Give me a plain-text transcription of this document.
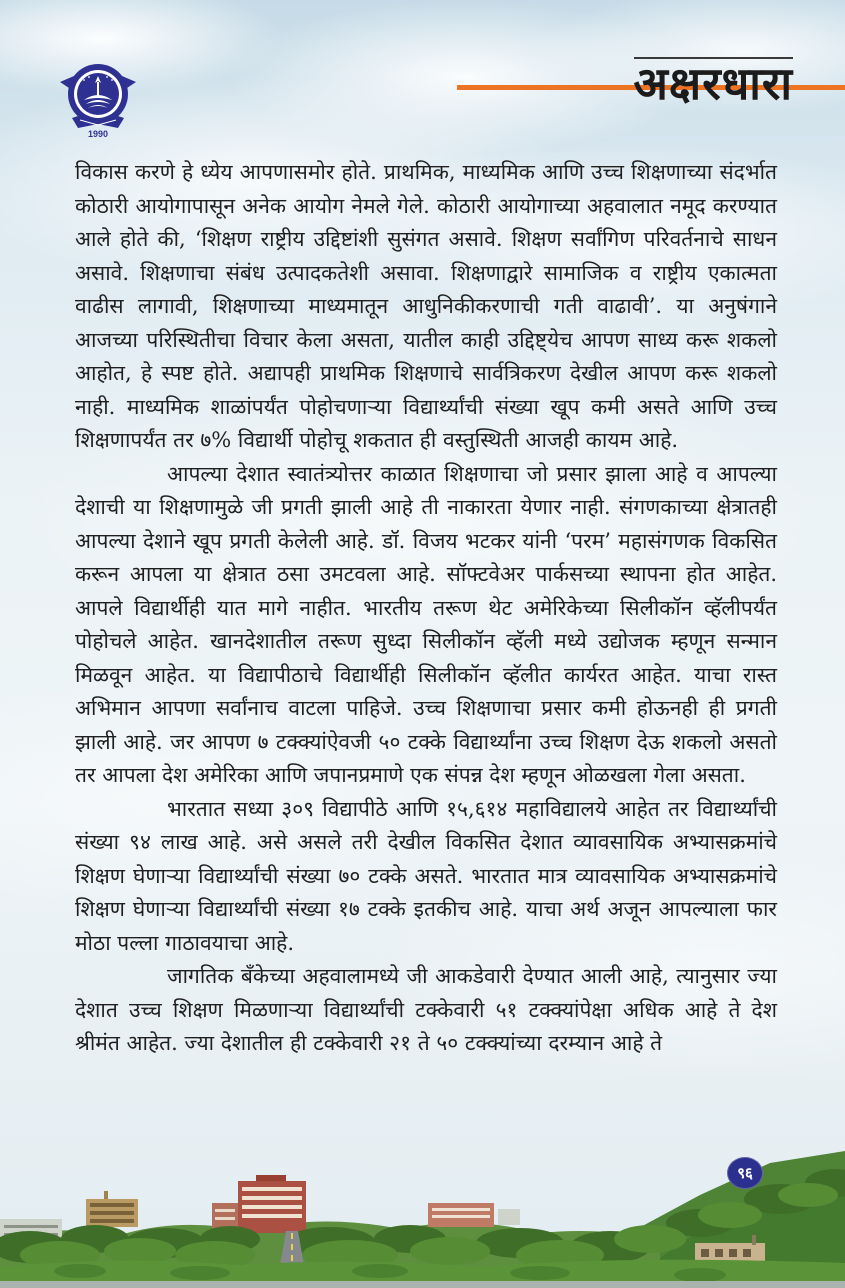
1990
अक्षरधारा

विकास करणे हे ध्येय आपणासमोर होते. प्राथमिक, माध्यमिक आणि उच्च शिक्षणाच्या संदर्भात कोठारी आयोगापासून अनेक आयोग नेमले गेले. कोठारी आयोगाच्या अहवालात नमूद करण्यात आले होते की, ‘शिक्षण राष्ट्रीय उद्दिष्टांशी सुसंगत असावे. शिक्षण सर्वांगिण परिवर्तनाचे साधन असावे. शिक्षणाचा संबंध उत्पादकतेशी असावा. शिक्षणाद्वारे सामाजिक व राष्ट्रीय एकात्मता वाढीस लागावी, शिक्षणाच्या माध्यमातून आधुनिकीकरणाची गती वाढावी’. या अनुषंगाने आजच्या परिस्थितीचा विचार केला असता, यातील काही उद्दिष्ट्येच आपण साध्य करू शकलो आहोत, हे स्पष्ट होते. अद्यापही प्राथमिक शिक्षणाचे सार्वत्रिकरण देखील आपण करू शकलो नाही. माध्यमिक शाळांपर्यंत पोहोचणाऱ्या विद्यार्थ्यांची संख्या खूप कमी असते आणि उच्च शिक्षणापर्यंत तर ७% विद्यार्थी पोहोचू शकतात ही वस्तुस्थिती आजही कायम आहे.

आपल्या देशात स्वातंत्र्योत्तर काळात शिक्षणाचा जो प्रसार झाला आहे व आपल्या देशाची या शिक्षणामुळे जी प्रगती झाली आहे ती नाकारता येणार नाही. संगणकाच्या क्षेत्रातही आपल्या देशाने खूप प्रगती केलेली आहे. डॉ. विजय भटकर यांनी ‘परम’ महासंगणक विकसित करून आपला या क्षेत्रात ठसा उमटवला आहे. सॉफ्टवेअर पार्कसच्या स्थापना होत आहेत. आपले विद्यार्थीही यात मागे नाहीत. भारतीय तरूण थेट अमेरिकेच्या सिलीकॉन व्हॅलीपर्यंत पोहोचले आहेत. खानदेशातील तरूण सुध्दा सिलीकॉन व्हॅली मध्ये उद्योजक म्हणून सन्मान मिळवून आहेत. या विद्यापीठाचे विद्यार्थीही सिलीकॉन व्हॅलीत कार्यरत आहेत. याचा रास्त अभिमान आपणा सर्वांनाच वाटला पाहिजे. उच्च शिक्षणाचा प्रसार कमी होऊनही ही प्रगती झाली आहे. जर आपण ७ टक्क्यांऐवजी ५० टक्के विद्यार्थ्यांना उच्च शिक्षण देऊ शकलो असतो तर आपला देश अमेरिका आणि जपानप्रमाणे एक संपन्न देश म्हणून ओळखला गेला असता.

भारतात सध्या ३०९ विद्यापीठे आणि १५,६१४ महाविद्यालये आहेत तर विद्यार्थ्यांची संख्या ९४ लाख आहे. असे असले तरी देखील विकसित देशात व्यावसायिक अभ्यासक्रमांचे शिक्षण घेणाऱ्या विद्यार्थ्यांची संख्या ७० टक्के असते. भारतात मात्र व्यावसायिक अभ्यासक्रमांचे शिक्षण घेणाऱ्या विद्यार्थ्यांची संख्या १७ टक्के इतकीच आहे. याचा अर्थ अजून आपल्याला फार मोठा पल्ला गाठावयाचा आहे.

जागतिक बँकेच्या अहवालामध्ये जी आकडेवारी देण्यात आली आहे, त्यानुसार ज्या देशात उच्च शिक्षण मिळणाऱ्या विद्यार्थ्यांची टक्केवारी ५१ टक्क्यांपेक्षा अधिक आहे ते देश श्रीमंत आहेत. ज्या देशातील ही टक्केवारी २१ ते ५० टक्क्यांच्या दरम्यान आहे ते

९६
